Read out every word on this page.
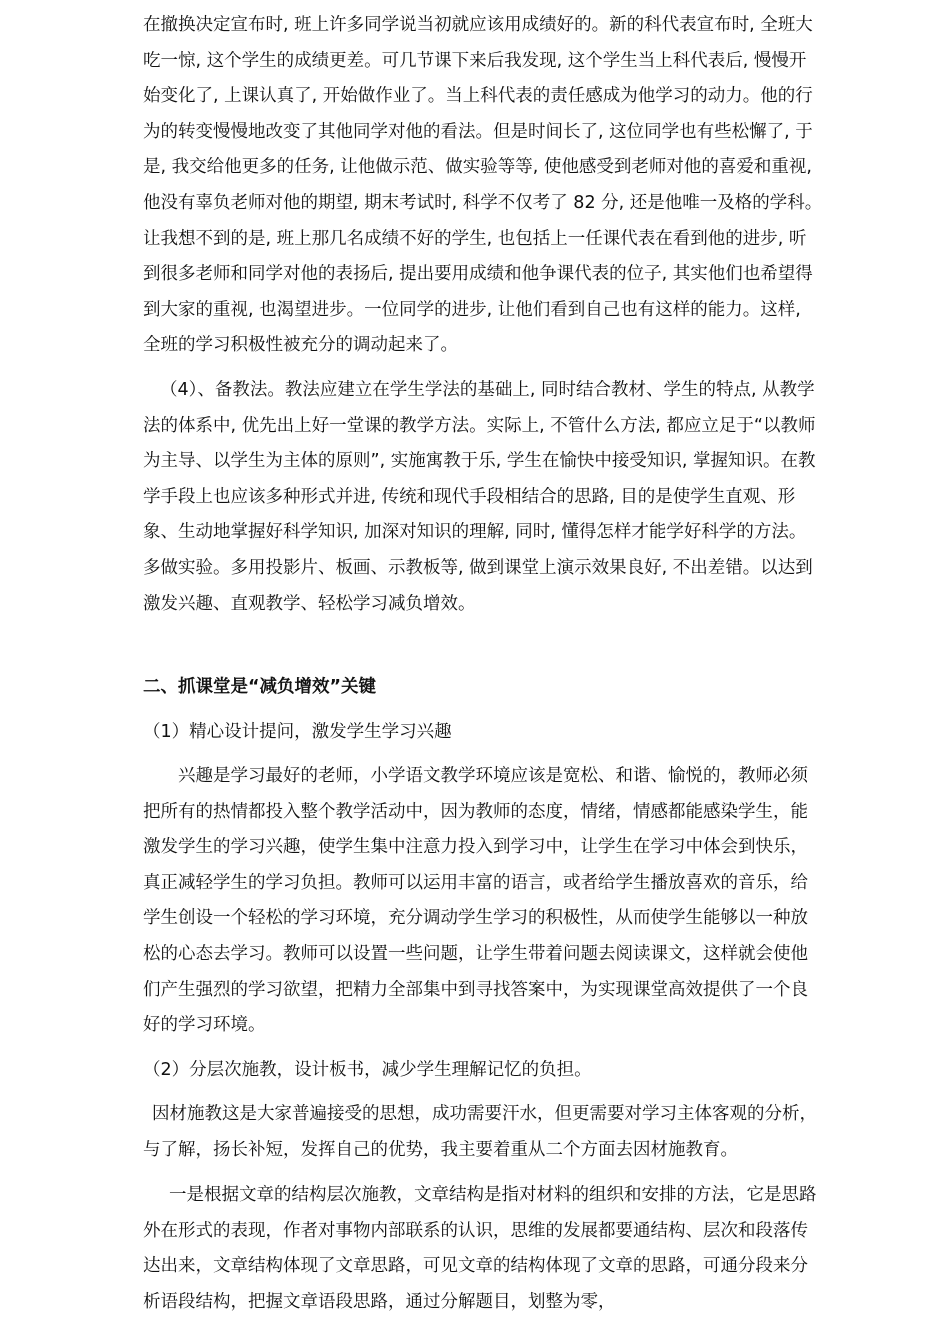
在撤换决定宣布时, 班上许多同学说当初就应该用成绩好的。新的科代表宣布时, 全班大吃一惊, 这个学生的成绩更差。可几节课下来后我发现, 这个学生当上科代表后, 慢慢开始变化了, 上课认真了, 开始做作业了。当上科代表的责任感成为他学习的动力。他的行为的转变慢慢地改变了其他同学对他的看法。但是时间长了, 这位同学也有些松懈了, 于是, 我交给他更多的任务, 让他做示范、做实验等等, 使他感受到老师对他的喜爱和重视, 他没有辜负老师对他的期望, 期末考试时, 科学不仅考了 82 分, 还是他唯一及格的学科。让我想不到的是, 班上那几名成绩不好的学生, 也包括上一任课代表在看到他的进步, 听到很多老师和同学对他的表扬后, 提出要用成绩和他争课代表的位子, 其实他们也希望得到大家的重视, 也渴望进步。一位同学的进步, 让他们看到自己也有这样的能力。这样, 全班的学习积极性被充分的调动起来了。

（4）、备教法。教法应建立在学生学法的基础上, 同时结合教材、学生的特点, 从教学法的体系中, 优先出上好一堂课的教学方法。实际上, 不管什么方法, 都应立足于“以教师为主导、以学生为主体的原则”, 实施寓教于乐, 学生在愉快中接受知识, 掌握知识。在教学手段上也应该多种形式并进, 传统和现代手段相结合的思路, 目的是使学生直观、形象、生动地掌握好科学知识, 加深对知识的理解, 同时, 懂得怎样才能学好科学的方法。多做实验。多用投影片、板画、示教板等, 做到课堂上演示效果良好, 不出差错。以达到激发兴趣、直观教学、轻松学习减负增效。

二、抓课堂是“减负增效”关键

（1）精心设计提问，激发学生学习兴趣

兴趣是学习最好的老师，小学语文教学环境应该是宽松、和谐、愉悦的，教师必须把所有的热情都投入整个教学活动中，因为教师的态度，情绪，情感都能感染学生，能激发学生的学习兴趣，使学生集中注意力投入到学习中，让学生在学习中体会到快乐，真正减轻学生的学习负担。教师可以运用丰富的语言，或者给学生播放喜欢的音乐，给学生创设一个轻松的学习环境，充分调动学生学习的积极性，从而使学生能够以一种放松的心态去学习。教师可以设置一些问题，让学生带着问题去阅读课文，这样就会使他们产生强烈的学习欲望，把精力全部集中到寻找答案中，为实现课堂高效提供了一个良好的学习环境。

（2）分层次施教，设计板书，减少学生理解记忆的负担。

因材施教这是大家普遍接受的思想，成功需要汗水，但更需要对学习主体客观的分析，与了解，扬长补短，发挥自己的优势，我主要着重从二个方面去因材施教育。

一是根据文章的结构层次施教，文章结构是指对材料的组织和安排的方法，它是思路外在形式的表现，作者对事物内部联系的认识，思维的发展都要通结构、层次和段落传达出来，文章结构体现了文章思路，可见文章的结构体现了文章的思路，可通分段来分析语段结构，把握文章语段思路，通过分解题目，划整为零，
